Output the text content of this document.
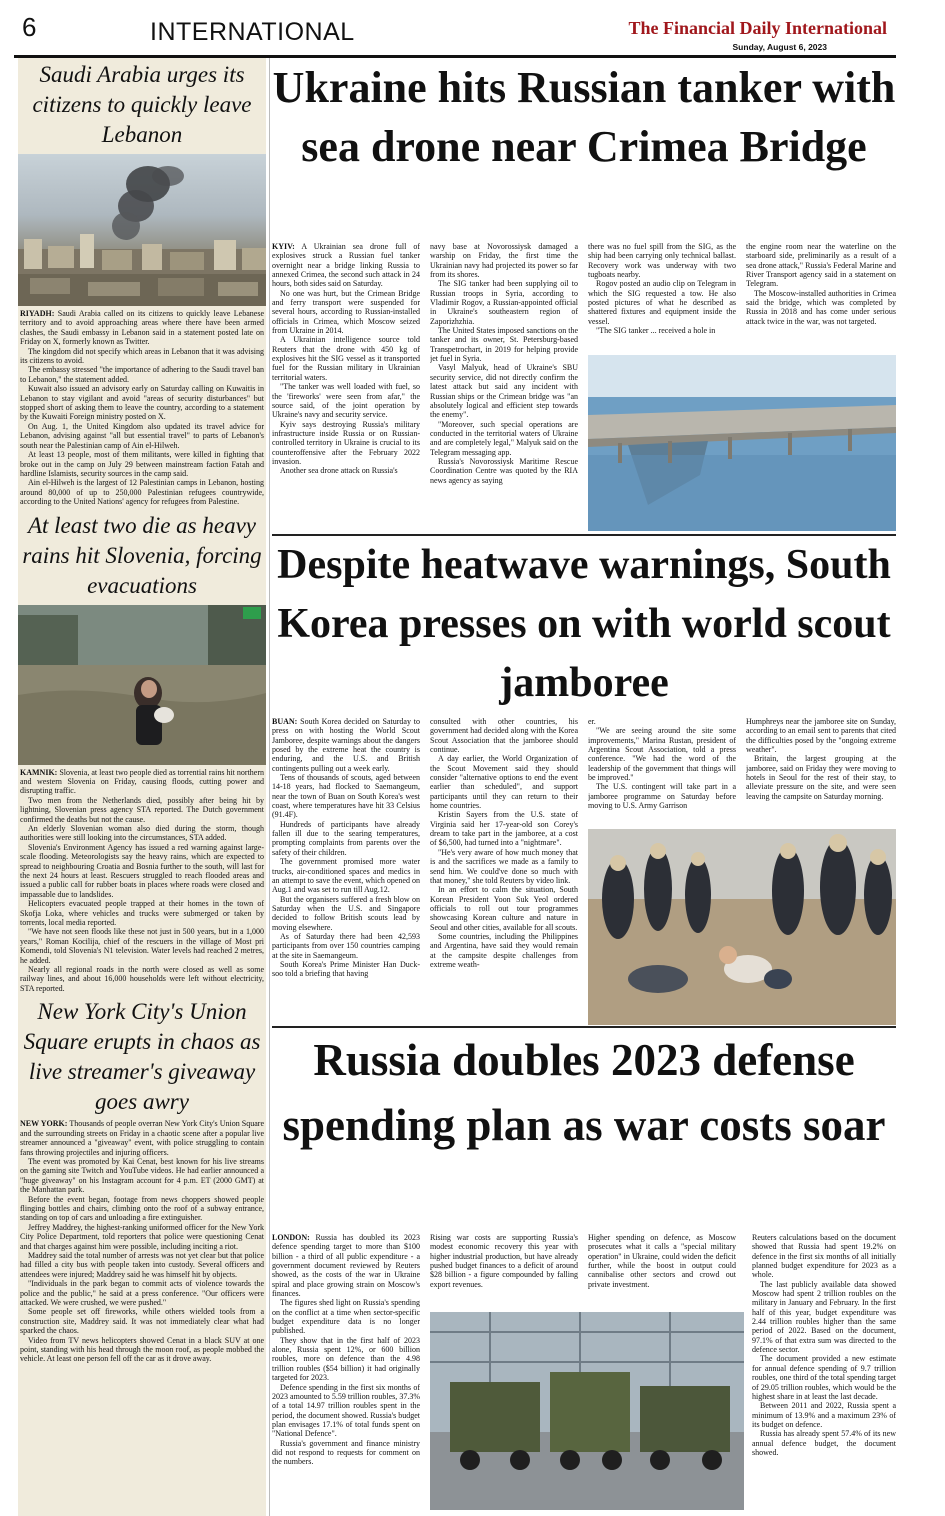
6	INTERNATIONAL	The Financial Daily International
Sunday, August 6, 2023
Saudi Arabia urges its citizens to quickly leave Lebanon

RIYADH: Saudi Arabia called on its citizens to quickly leave Lebanese territory and to avoid approaching areas where there have been armed clashes, the Saudi embassy in Lebanon said in a statement posted late on Friday on X, formerly known as Twitter.

The kingdom did not specify which areas in Lebanon that it was advising its citizens to avoid.

The embassy stressed "the importance of adhering to the Saudi travel ban to Lebanon," the statement added.

Kuwait also issued an advisory early on Saturday calling on Kuwaitis in Lebanon to stay vigilant and avoid "areas of security disturbances" but stopped short of asking them to leave the country, according to a statement by the Kuwaiti Foreign ministry posted on X.

On Aug. 1, the United Kingdom also updated its travel advice for Lebanon, advising against "all but essential travel" to parts of Lebanon's south near the Palestinian camp of Ain el-Hilweh.

At least 13 people, most of them militants, were killed in fighting that broke out in the camp on July 29 between mainstream faction Fatah and hardline Islamists, security sources in the camp said.

Ain el-Hilweh is the largest of 12 Palestinian camps in Lebanon, hosting around 80,000 of up to 250,000 Palestinian refugees countrywide, according to the United Nations' agency for refugees from Palestine.

At least two die as heavy rains hit Slovenia, forcing evacuations

KAMNIK: Slovenia, at least two people died as torrential rains hit northern and western Slovenia on Friday, causing floods, cutting power and disrupting traffic.

Two men from the Netherlands died, possibly after being hit by lightning, Slovenian press agency STA reported. The Dutch government confirmed the deaths but not the cause.

An elderly Slovenian woman also died during the storm, though authorities were still looking into the circumstances, STA added.

Slovenia's Environment Agency has issued a red warning against large-scale flooding. Meteorologists say the heavy rains, which are expected to spread to neighbouring Croatia and Bosnia further to the south, will last for the next 24 hours at least. Rescuers struggled to reach flooded areas and issued a public call for rubber boats in places where roads were closed and impassable due to landslides.

Helicopters evacuated people trapped at their homes in the town of Skofja Loka, where vehicles and trucks were submerged or taken by torrents, local media reported.

"We have not seen floods like these not just in 500 years, but in a 1,000 years," Roman Kocilija, chief of the rescuers in the village of Most pri Komendi, told Slovenia's N1 television. Water levels had reached 2 metres, he added.

Nearly all regional roads in the north were closed as well as some railway lines, and about 16,000 households were left without electricity, STA reported.

New York City's Union Square erupts in chaos as live streamer's giveaway goes awry

NEW YORK: Thousands of people overran New York City's Union Square and the surrounding streets on Friday in a chaotic scene after a popular live streamer announced a "giveaway" event, with police struggling to contain fans throwing projectiles and injuring officers.

The event was promoted by Kai Cenat, best known for his live streams on the gaming site Twitch and YouTube videos. He had earlier announced a "huge giveaway" on his Instagram account for 4 p.m. ET (2000 GMT) at the Manhattan park.

Before the event began, footage from news choppers showed people flinging bottles and chairs, climbing onto the roof of a subway entrance, standing on top of cars and unloading a fire extinguisher.

Jeffrey Maddrey, the highest-ranking uniformed officer for the New York City Police Department, told reporters that police were questioning Cenat and that charges against him were possible, including inciting a riot.

Maddrey said the total number of arrests was not yet clear but that police had filled a city bus with people taken into custody. Several officers and attendees were injured; Maddrey said he was himself hit by objects.

"Individuals in the park began to commit acts of violence towards the police and the public," he said at a press conference. "Our officers were attacked. We were crushed, we were pushed."

Some people set off fireworks, while others wielded tools from a construction site, Maddrey said. It was not immediately clear what had sparked the chaos.

Video from TV news helicopters showed Cenat in a black SUV at one point, standing with his head through the moon roof, as people mobbed the vehicle. At least one person fell off the car as it drove away.

Ukraine hits Russian tanker with sea drone near Crimea Bridge

KYIV: A Ukrainian sea drone full of explosives struck a Russian fuel tanker overnight near a bridge linking Russia to annexed Crimea, the second such attack in 24 hours, both sides said on Saturday.

No one was hurt, but the Crimean Bridge and ferry transport were suspended for several hours, according to Russian-installed officials in Crimea, which Moscow seized from Ukraine in 2014.

A Ukrainian intelligence source told Reuters that the drone with 450 kg of explosives hit the SIG vessel as it transported fuel for the Russian military in Ukrainian territorial waters.

"The tanker was well loaded with fuel, so the 'fireworks' were seen from afar," the source said, of the joint operation by Ukraine's navy and security service.

Kyiv says destroying Russia's military infrastructure inside Russia or on Russian-controlled territory in Ukraine is crucial to its counteroffensive after the February 2022 invasion.

Another sea drone attack on Russia's

navy base at Novorossiysk damaged a warship on Friday, the first time the Ukrainian navy had projected its power so far from its shores.

The SIG tanker had been supplying oil to Russian troops in Syria, according to Vladimir Rogov, a Russian-appointed official in Ukraine's southeastern region of Zaporizhzhia.

The United States imposed sanctions on the tanker and its owner, St. Petersburg-based Transpetrochart, in 2019 for helping provide jet fuel in Syria.

Vasyl Malyuk, head of Ukraine's SBU security service, did not directly confirm the latest attack but said any incident with Russian ships or the Crimean bridge was "an absolutely logical and efficient step towards the enemy".

"Moreover, such special operations are conducted in the territorial waters of Ukraine and are completely legal," Malyuk said on the Telegram messaging app.

Russia's Novorossiysk Maritime Rescue Coordination Centre was quoted by the RIA news agency as saying

there was no fuel spill from the SIG, as the ship had been carrying only technical ballast. Recovery work was underway with two tugboats nearby.

Rogov posted an audio clip on Telegram in which the SIG requested a tow. He also posted pictures of what he described as shattered fixtures and equipment inside the vessel.

"The SIG tanker ... received a hole in

the engine room near the waterline on the starboard side, preliminarily as a result of a sea drone attack," Russia's Federal Marine and River Transport agency said in a statement on Telegram.

The Moscow-installed authorities in Crimea said the bridge, which was completed by Russia in 2018 and has come under serious attack twice in the war, was not targeted.

Despite heatwave warnings, South Korea presses on with world scout jamboree

BUAN: South Korea decided on Saturday to press on with hosting the World Scout Jamboree, despite warnings about the dangers posed by the extreme heat the country is enduring, and the U.S. and British contingents pulling out a week early.

Tens of thousands of scouts, aged between 14-18 years, had flocked to Saemangeum, near the town of Buan on South Korea's west coast, where temperatures have hit 33 Celsius (91.4F).

Hundreds of participants have already fallen ill due to the searing temperatures, prompting complaints from parents over the safety of their children.

The government promised more water trucks, air-conditioned spaces and medics in an attempt to save the event, which opened on Aug.1 and was set to run till Aug.12.

But the organisers suffered a fresh blow on Saturday when the U.S. and Singapore decided to follow British scouts lead by moving elsewhere.

As of Saturday there had been 42,593 participants from over 150 countries camping at the site in Saemangeum.

South Korea's Prime Minister Han Duck-soo told a briefing that having

consulted with other countries, his government had decided along with the Korea Scout Association that the jamboree should continue.

A day earlier, the World Organization of the Scout Movement said they should consider "alternative options to end the event earlier than scheduled", and support participants until they can return to their home countries.

Kristin Sayers from the U.S. state of Virginia said her 17-year-old son Corey's dream to take part in the jamboree, at a cost of $6,500, had turned into a "nightmare".

"He's very aware of how much money that is and the sacrifices we made as a family to send him. We could've done so much with that money," she told Reuters by video link.

In an effort to calm the situation, South Korean President Yoon Suk Yeol ordered officials to roll out tour programmes showcasing Korean culture and nature in Seoul and other cities, available for all scouts.

Some countries, including the Philippines and Argentina, have said they would remain at the campsite despite challenges from extreme weath-

er.

"We are seeing around the site some improvements," Marina Rustan, president of Argentina Scout Association, told a press conference. "We had the word of the leadership of the government that things will be improved."

The U.S. contingent will take part in a jamboree programme on Saturday before moving to U.S. Army Garrison

Humphreys near the jamboree site on Sunday, according to an email sent to parents that cited the difficulties posed by the "ongoing extreme weather".

Britain, the largest grouping at the jamboree, said on Friday they were moving to hotels in Seoul for the rest of their stay, to alleviate pressure on the site, and were seen leaving the campsite on Saturday morning.

Russia doubles 2023 defense spending plan as war costs soar

LONDON: Russia has doubled its 2023 defence spending target to more than $100 billion - a third of all public expenditure - a government document reviewed by Reuters showed, as the costs of the war in Ukraine spiral and place growing strain on Moscow's finances.

The figures shed light on Russia's spending on the conflict at a time when sector-specific budget expenditure data is no longer published.

They show that in the first half of 2023 alone, Russia spent 12%, or 600 billion roubles, more on defence than the 4.98 trillion roubles ($54 billion) it had originally targeted for 2023.

Defence spending in the first six months of 2023 amounted to 5.59 trillion roubles, 37.3% of a total 14.97 trillion roubles spent in the period, the document showed. Russia's budget plan envisages 17.1% of total funds spent on "National Defence".

Russia's government and finance ministry did not respond to requests for comment on the numbers.

Rising war costs are supporting Russia's modest economic recovery this year with higher industrial production, but have already pushed budget finances to a deficit of around $28 billion - a figure compounded by falling export revenues.

Higher spending on defence, as Moscow prosecutes what it calls a "special military operation" in Ukraine, could widen the deficit further, while the boost in output could cannibalise other sectors and crowd out private investment.

Reuters calculations based on the document showed that Russia had spent 19.2% on defence in the first six months of all initially planned budget expenditure for 2023 as a whole.

The last publicly available data showed Moscow had spent 2 trillion roubles on the military in January and February. In the first half of this year, budget expenditure was 2.44 trillion roubles higher than the same period of 2022. Based on the document, 97.1% of that extra sum was directed to the defence sector.

The document provided a new estimate for annual defence spending of 9.7 trillion roubles, one third of the total spending target of 29.05 trillion roubles, which would be the highest share in at least the last decade.

Between 2011 and 2022, Russia spent a minimum of 13.9% and a maximum 23% of its budget on defence.

Russia has already spent 57.4% of its new annual defence budget, the document showed.
